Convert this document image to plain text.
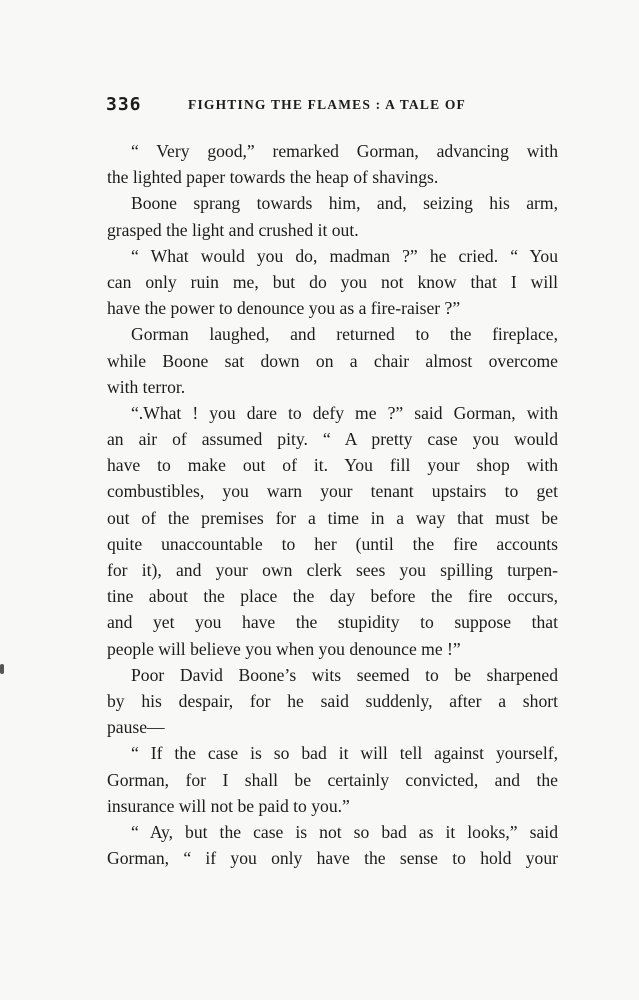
336	FIGHTING THE FLAMES : A TALE OF
“ Very good,” remarked Gorman, advancing with
the lighted paper towards the heap of shavings.
Boone sprang towards him, and, seizing his arm,
grasped the light and crushed it out.
“ What would you do, madman ?” he cried. “ You
can only ruin me, but do you not know that I will
have the power to denounce you as a fire-raiser ?”
Gorman laughed, and returned to the fireplace,
while Boone sat down on a chair almost overcome
with terror.
“.What ! you dare to defy me ?” said Gorman, with
an air of assumed pity. “ A pretty case you would
have to make out of it. You fill your shop with
combustibles, you warn your tenant upstairs to get
out of the premises for a time in a way that must be
quite unaccountable to her (until the fire accounts
for it), and your own clerk sees you spilling turpen-
tine about the place the day before the fire occurs,
and yet you have the stupidity to suppose that
people will believe you when you denounce me !”
Poor David Boone’s wits seemed to be sharpened
by his despair, for he said suddenly, after a short
pause—
“ If the case is so bad it will tell against yourself,
Gorman, for I shall be certainly convicted, and the
insurance will not be paid to you.”
“ Ay, but the case is not so bad as it looks,” said
Gorman, “ if you only have the sense to hold your
